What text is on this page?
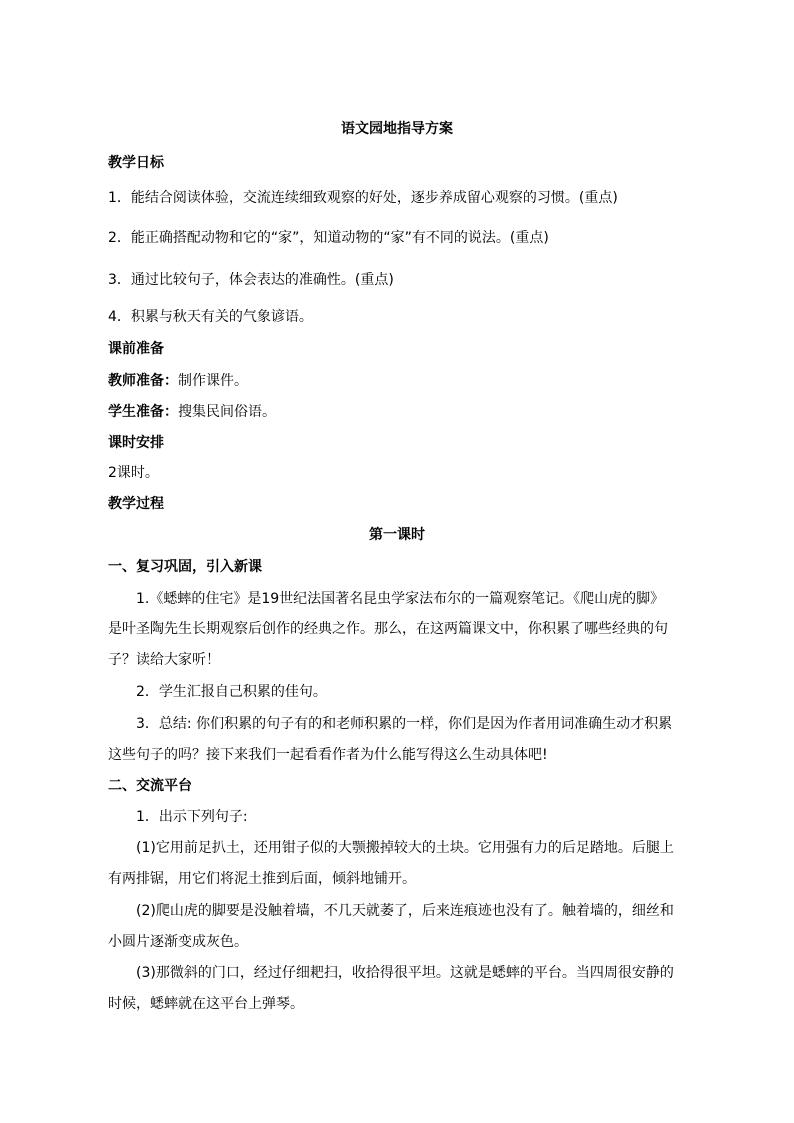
语文园地指导方案
教学日标
1．能结合阅读体验，交流连续细致观察的好处，逐步养成留心观察的习惯。(重点)
2．能正确搭配动物和它的“家”，知道动物的“家”有不同的说法。(重点)
3．通过比较句子，体会表达的准确性。(重点)
4．积累与秋天有关的气象谚语。
课前准备
教师准备：制作课件。
学生准备：搜集民间俗语。
课时安排
2课时。
教学过程
第一课时
一、复习巩固，引入新课
1.《蟋蟀的住宅》是19世纪法国著名昆虫学家法布尔的一篇观察笔记。《爬山虎的脚》
是叶圣陶先生长期观察后创作的经典之作。那么，在这两篇课文中，你积累了哪些经典的句
子？读给大家听！
2．学生汇报自己积累的佳句。
3．总结: 你们积累的句子有的和老师积累的一样，你们是因为作者用词准确生动才积累
这些句子的吗？接下来我们一起看看作者为什么能写得这么生动具体吧!
二、交流平台
1．出示下列句子:
(1)它用前足扒土，还用钳子似的大颚搬掉较大的土块。它用强有力的后足踏地。后腿上
有两排锯，用它们将泥土推到后面，倾斜地铺开。
(2)爬山虎的脚要是没触着墙，不几天就萎了，后来连痕迹也没有了。触着墙的，细丝和
小圆片逐渐变成灰色。
(3)那微斜的门口，经过仔细耙扫，收拾得很平坦。这就是蟋蟀的平台。当四周很安静的
时候，蟋蟀就在这平台上弹琴。
